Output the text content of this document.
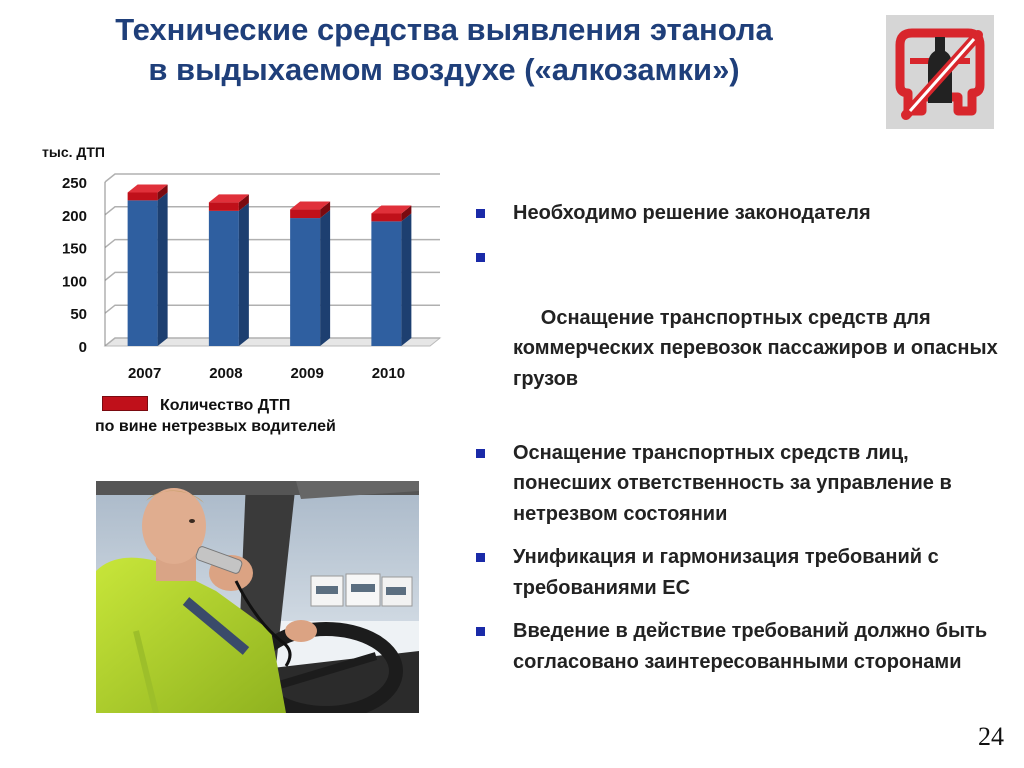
Технические средства выявления этанола
в выдыхаемом воздухе («алкозамки»)
0
50
100
150
200
250
тыс. ДТП
2007	2008	2009	2010
Количество ДТП
по вине нетрезвых водителей
Необходимо решение законодателя

Оснащение транспортных средств для коммерческих перевозок пассажиров и опасных грузов

Оснащение транспортных средств лиц, понесших ответственность за управление в нетрезвом состоянии
Унификация и гармонизация требований с требованиями ЕС
Введение в действие требований должно быть согласовано заинтересованными сторонами
24
